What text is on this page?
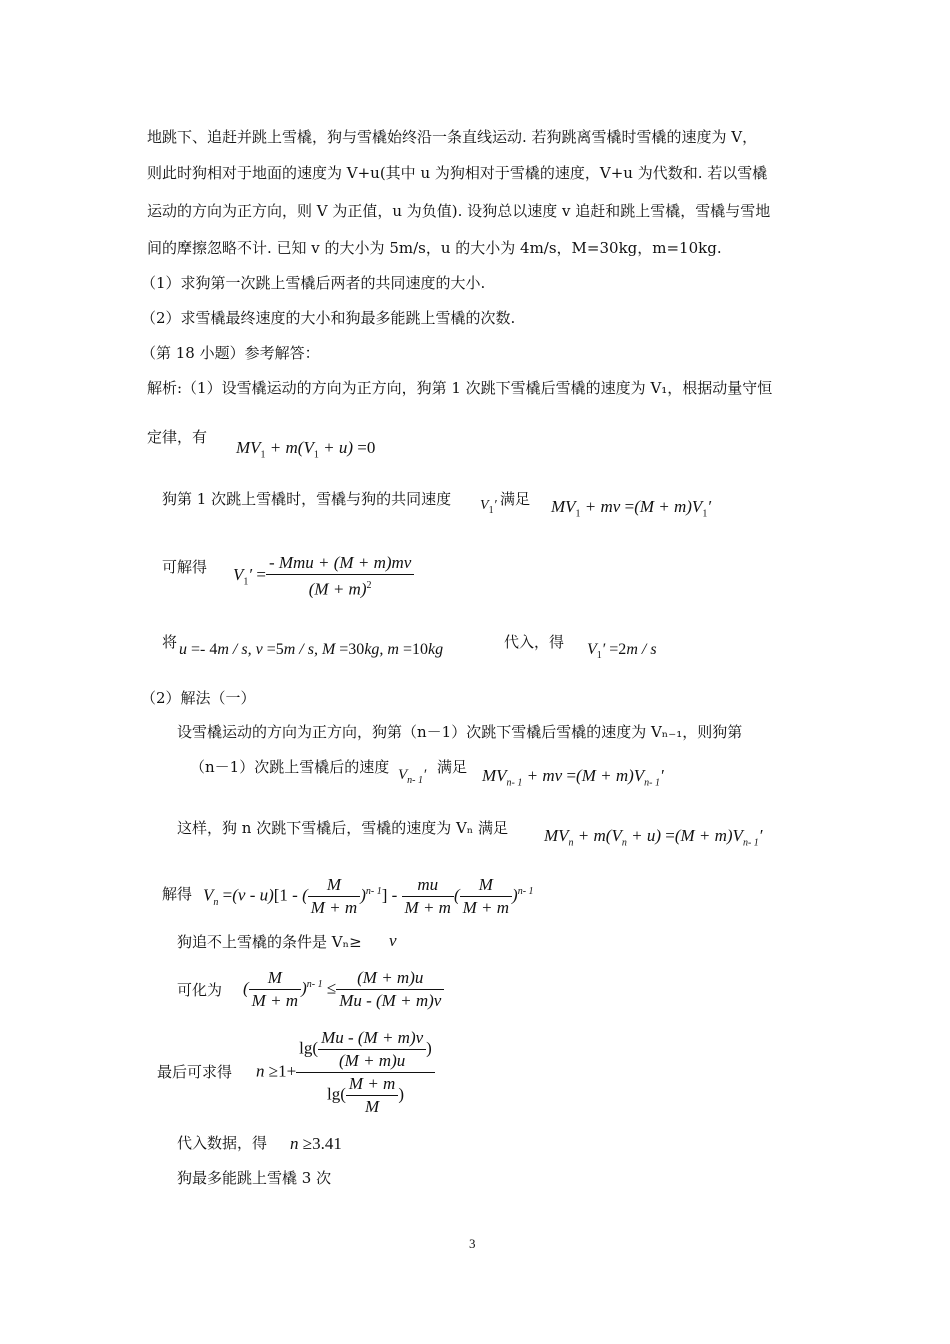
地跳下、追赶并跳上雪橇，狗与雪橇始终沿一条直线运动. 若狗跳离雪橇时雪橇的速度为 V，
则此时狗相对于地面的速度为 V+u(其中 u 为狗相对于雪橇的速度，V+u 为代数和. 若以雪橇
运动的方向为正方向，则 V 为正值，u 为负值). 设狗总以速度 v 追赶和跳上雪橇，雪橇与雪地
间的摩擦忽略不计. 已知 v 的大小为 5m/s，u 的大小为 4m/s，M=30kg，m=10kg.
（1）求狗第一次跳上雪橇后两者的共同速度的大小.
（2）求雪橇最终速度的大小和狗最多能跳上雪橇的次数.
（第 18 小题）参考解答：
解析:（1）设雪橇运动的方向为正方向，狗第 1 次跳下雪橇后雪橇的速度为 V₁，根据动量守恒
定律，有
$MV_1 + m(V_1 + u) =0$
狗第 1 次跳上雪橇时，雪橇与狗的共同速度 $V_1'$ 满足 $MV_1$ + mv $=(M + m)V_1'$
可解得 $V_1' = \frac{\text{- Mmu + (M + m)mv}}{(M + m)^2}$
将 u =- 4m / s, v =5m / s, M =30kg, m =10kg	代入，得 $V_1' =2m / s$
（2）解法（一）
设雪橇运动的方向为正方向，狗第（n－1）次跳下雪橇后雪橇的速度为 Vₙ₋₁，则狗第
（n－1）次跳上雪橇后的速度 $V_{n- 1}'$ 满足 $MV_{n- 1}$ + mv $=(M + m)V_{n- 1}'$
这样，狗 n 次跳下雪橇后，雪橇的速度为 Vₙ 满足 $MV_n + m(V_n + u) =(M + m)V_{n- 1}'$
解得 $V_n =(v - u)[1$ - ( $\frac{M}{M + m} )^{n- 1}] - \frac{mu}{M + m}$ ( $\frac{M}{M + m} )^{n- 1}$
狗追不上雪橇的条件是 Vₙ≥ v
可化为 ( $\frac{M}{M + m} )^{n- 1} \le \frac{(M + m)u}{Mu - (M + m)v}$
最后可求得 $n \ge 1+ \frac{\lg( \frac{Mu - (M + m)v}{(M + m)u} )}{\lg( \frac{M + m}{M} )}$
代入数据，得 n ≥3.41
狗最多能跳上雪橇 3 次
3
